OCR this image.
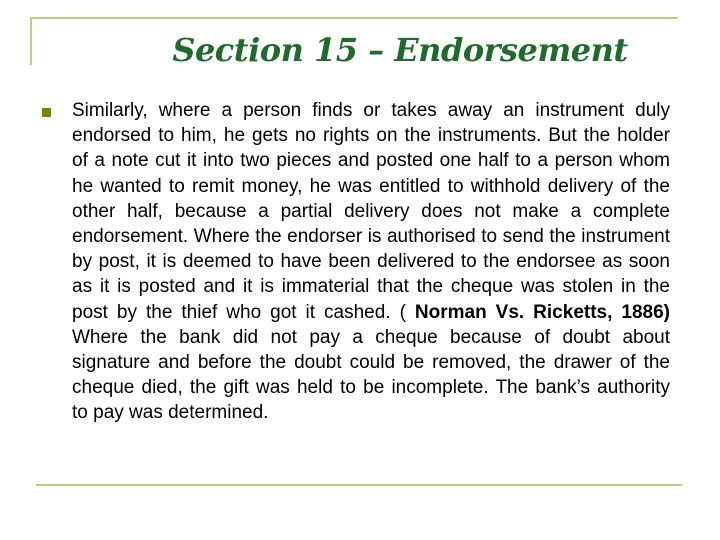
Section 15 – Endorsement
Similarly, where a person finds or takes away an instrument duly endorsed to him, he gets no rights on the instruments. But the holder of a note cut it into two pieces and posted one half to a person whom he wanted to remit money, he was entitled to withhold delivery of the other half, because a partial delivery does not make a complete endorsement. Where the endorser is authorised to send the instrument by post, it is deemed to have been delivered to the endorsee as soon as it is posted and it is immaterial that the cheque was stolen in the post by the thief who got it cashed. ( Norman Vs. Ricketts, 1886) Where the bank did not pay a cheque because of doubt about signature and before the doubt could be removed, the drawer of the cheque died, the gift was held to be incomplete. The bank’s authority to pay was determined.
